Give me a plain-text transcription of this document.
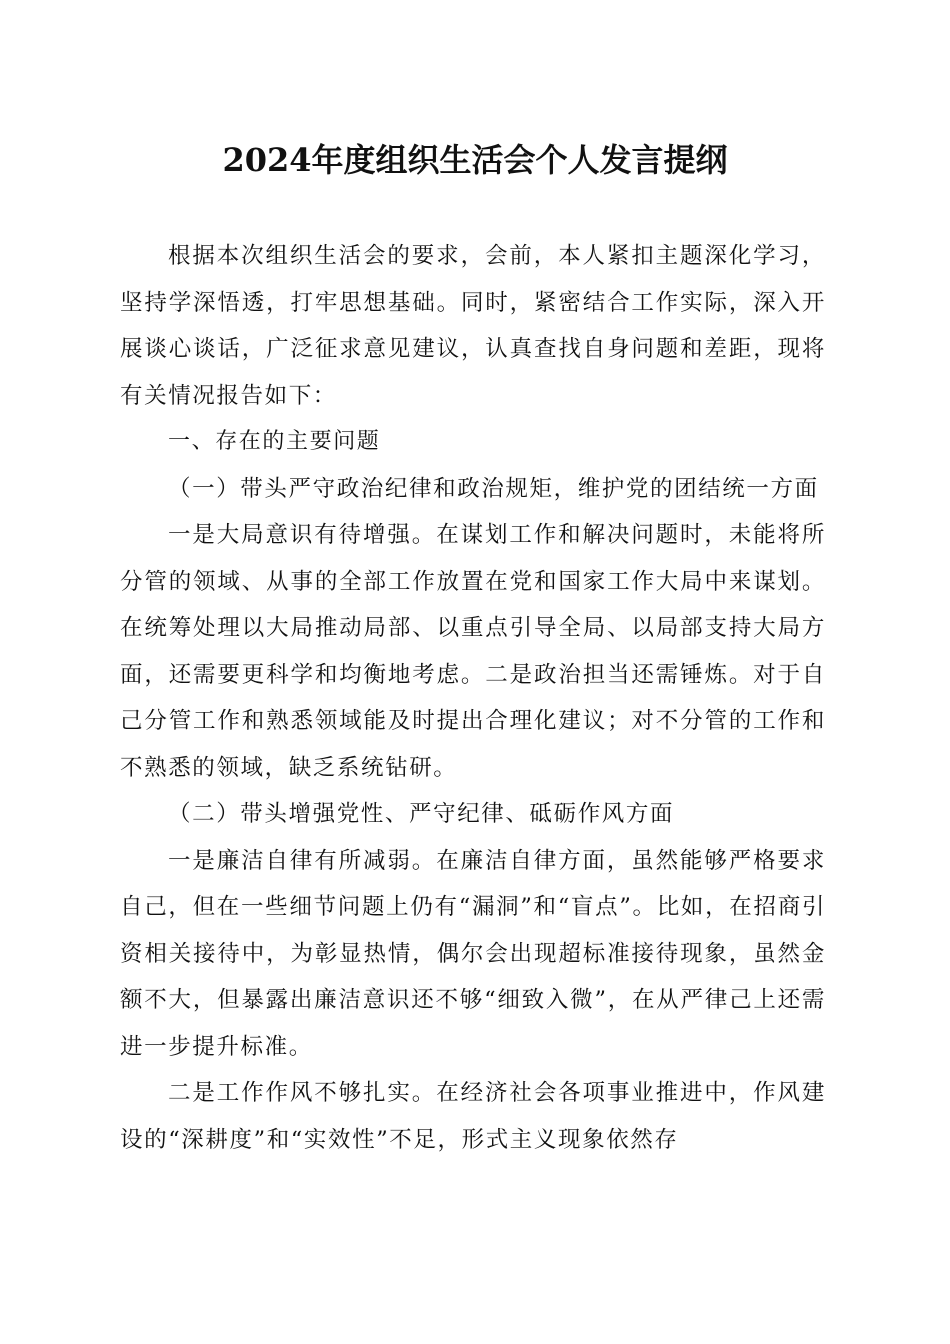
2024年度组织生活会个人发言提纲

根据本次组织生活会的要求，会前，本人紧扣主题深化学习，坚持学深悟透，打牢思想基础。同时，紧密结合工作实际，深入开展谈心谈话，广泛征求意见建议，认真查找自身问题和差距，现将有关情况报告如下：

一、存在的主要问题

（一）带头严守政治纪律和政治规矩，维护党的团结统一方面

一是大局意识有待增强。在谋划工作和解决问题时，未能将所分管的领域、从事的全部工作放置在党和国家工作大局中来谋划。在统筹处理以大局推动局部、以重点引导全局、以局部支持大局方面，还需要更科学和均衡地考虑。二是政治担当还需锤炼。对于自己分管工作和熟悉领域能及时提出合理化建议；对不分管的工作和不熟悉的领域，缺乏系统钻研。

（二）带头增强党性、严守纪律、砥砺作风方面

一是廉洁自律有所减弱。在廉洁自律方面，虽然能够严格要求自己，但在一些细节问题上仍有“漏洞”和“盲点”。比如，在招商引资相关接待中，为彰显热情，偶尔会出现超标准接待现象，虽然金额不大，但暴露出廉洁意识还不够“细致入微”，在从严律己上还需进一步提升标准。

二是工作作风不够扎实。在经济社会各项事业推进中，作风建设的“深耕度”和“实效性”不足，形式主义现象依然存
